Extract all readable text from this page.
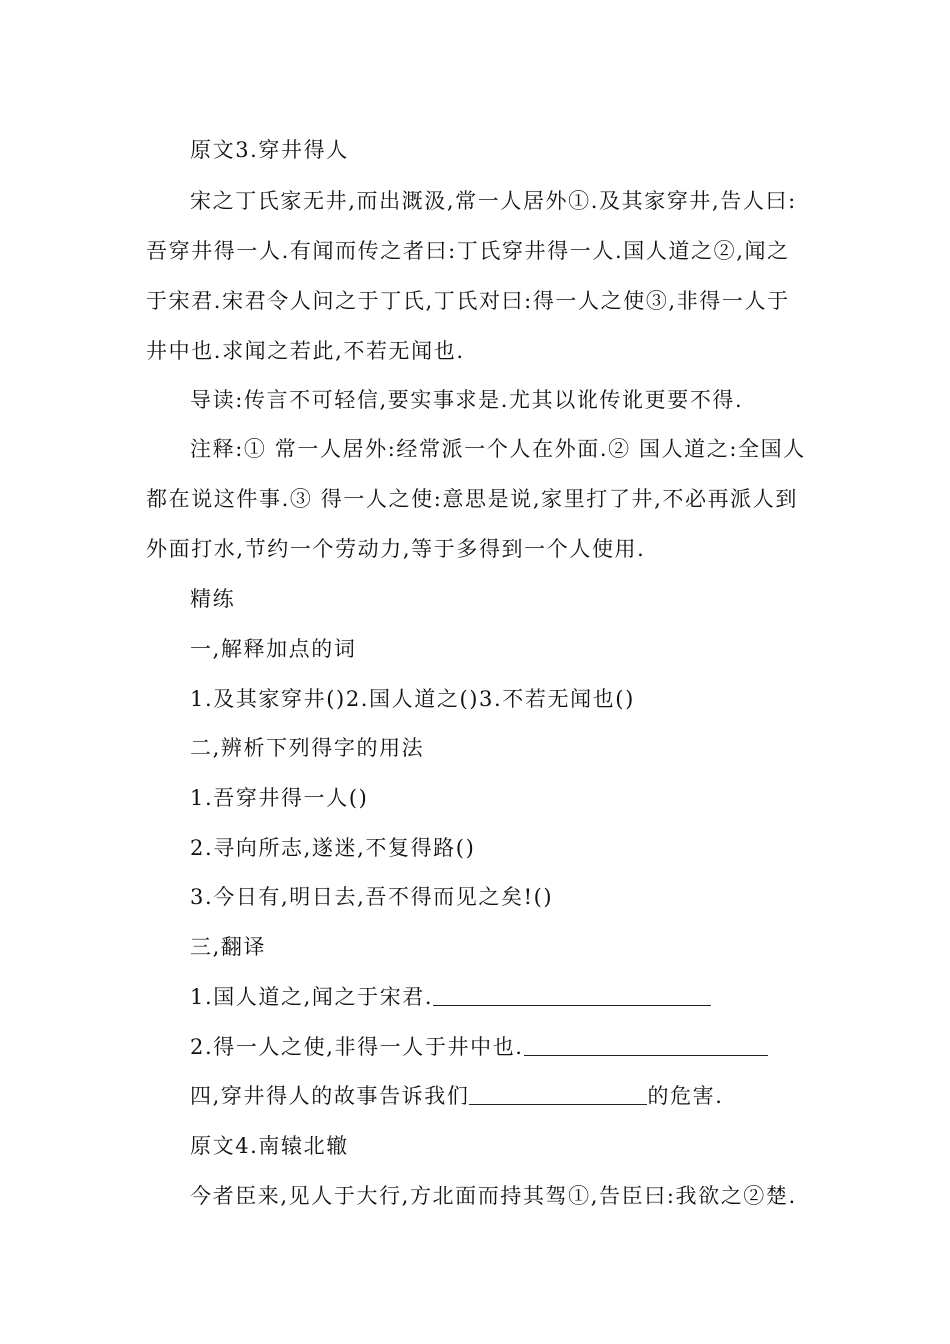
原文3.穿井得人
宋之丁氏家无井,而出溉汲,常一人居外①.及其家穿井,告人曰:
吾穿井得一人.有闻而传之者曰:丁氏穿井得一人.国人道之②,闻之
于宋君.宋君令人问之于丁氏,丁氏对曰:得一人之使③,非得一人于
井中也.求闻之若此,不若无闻也.
导读:传言不可轻信,要实事求是.尤其以讹传讹更要不得.
注释:① 常一人居外:经常派一个人在外面.② 国人道之:全国人
都在说这件事.③ 得一人之使:意思是说,家里打了井,不必再派人到
外面打水,节约一个劳动力,等于多得到一个人使用.
精练
一,解释加点的词
1.及其家穿井()2.国人道之()3.不若无闻也()
二,辨析下列得字的用法
1.吾穿井得一人()
2.寻向所志,遂迷,不复得路()
3.今日有,明日去,吾不得而见之矣!()
三,翻译
1.国人道之,闻之于宋君.
2.得一人之使,非得一人于井中也.
四,穿井得人的故事告诉我们	的危害.
原文4.南辕北辙
今者臣来,见人于大行,方北面而持其驾①,告臣曰:我欲之②楚.
